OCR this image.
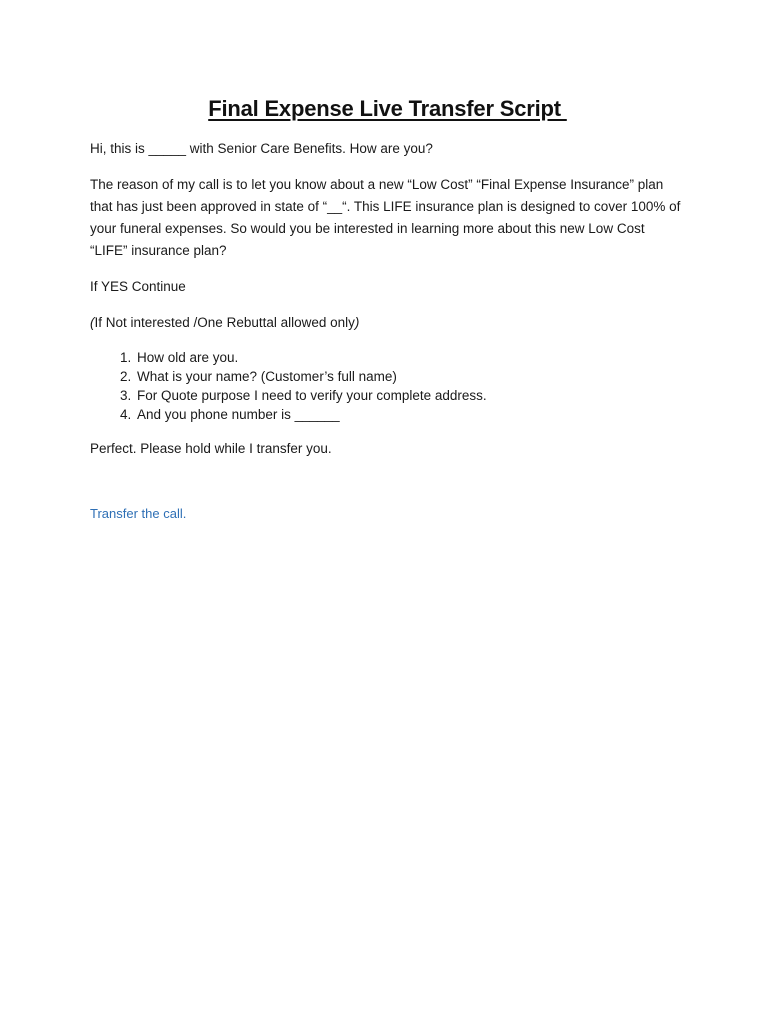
Final Expense Live Transfer Script

Hi, this is _____ with Senior Care Benefits. How are you?

The reason of my call is to let you know about a new “Low Cost” “Final Expense Insurance” plan that has just been approved in state of “__“. This LIFE insurance plan is designed to cover 100% of your funeral expenses. So would you be interested in learning more about this new Low Cost “LIFE” insurance plan?

If YES Continue

(If Not interested /One Rebuttal allowed only)

1. How old are you.
2. What is your name? (Customer’s full name)
3. For Quote purpose I need to verify your complete address.
4. And you phone number is ______

Perfect. Please hold while I transfer you.

Transfer the call.
